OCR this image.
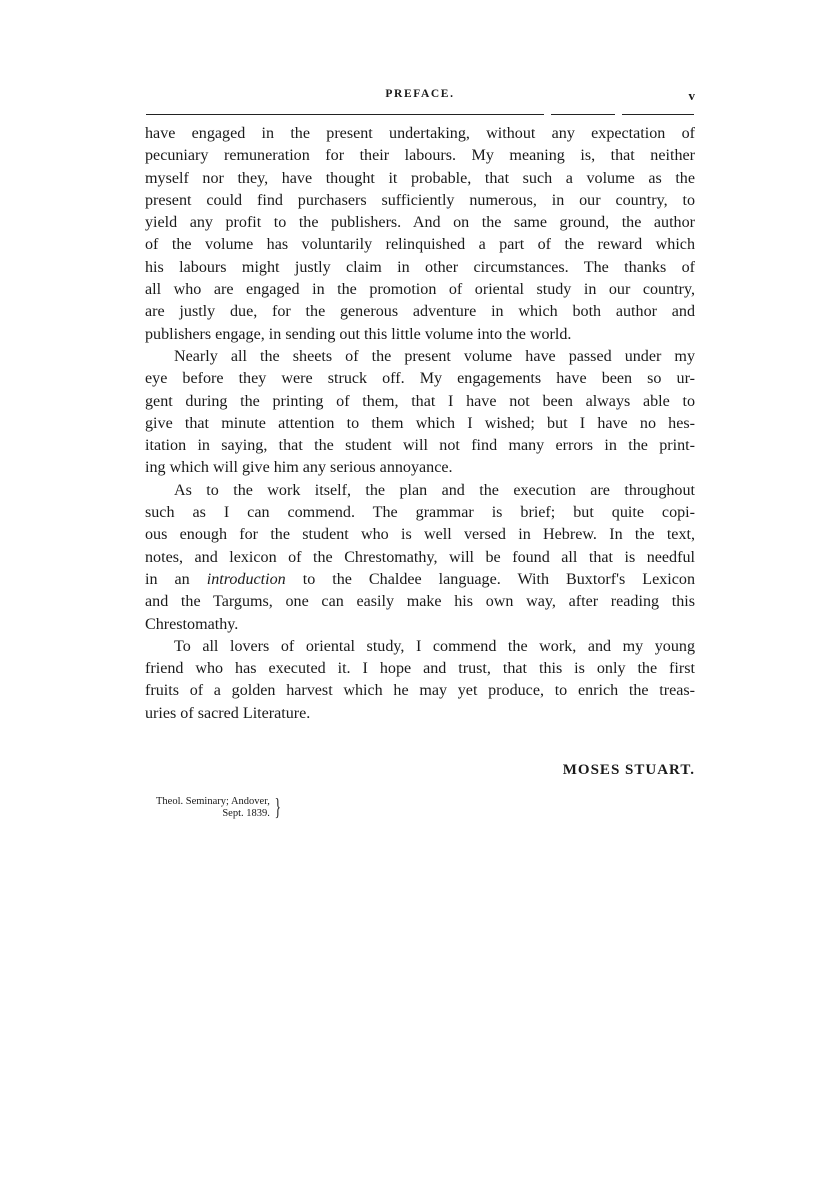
PREFACE.	v
have engaged in the present undertaking, without any expectation of
pecuniary remuneration for their labours. My meaning is, that neither
myself nor they, have thought it probable, that such a volume as the
present could find purchasers sufficiently numerous, in our country, to
yield any profit to the publishers. And on the same ground, the author
of the volume has voluntarily relinquished a part of the reward which
his labours might justly claim in other circumstances. The thanks of
all who are engaged in the promotion of oriental study in our country,
are justly due, for the generous adventure in which both author and
publishers engage, in sending out this little volume into the world.
Nearly all the sheets of the present volume have passed under my
eye before they were struck off. My engagements have been so ur-
gent during the printing of them, that I have not been always able to
give that minute attention to them which I wished; but I have no hes-
itation in saying, that the student will not find many errors in the print-
ing which will give him any serious annoyance.
As to the work itself, the plan and the execution are throughout
such as I can commend. The grammar is brief; but quite copi-
ous enough for the student who is well versed in Hebrew. In the text,
notes, and lexicon of the Chrestomathy, will be found all that is needful
in an introduction to the Chaldee language. With Buxtorf's Lexicon
and the Targums, one can easily make his own way, after reading this
Chrestomathy.
To all lovers of oriental study, I commend the work, and my young
friend who has executed it. I hope and trust, that this is only the first
fruits of a golden harvest which he may yet produce, to enrich the treas-
uries of sacred Literature.
MOSES STUART.
Theol. Seminary; Andover,
Sept. 1839. }
